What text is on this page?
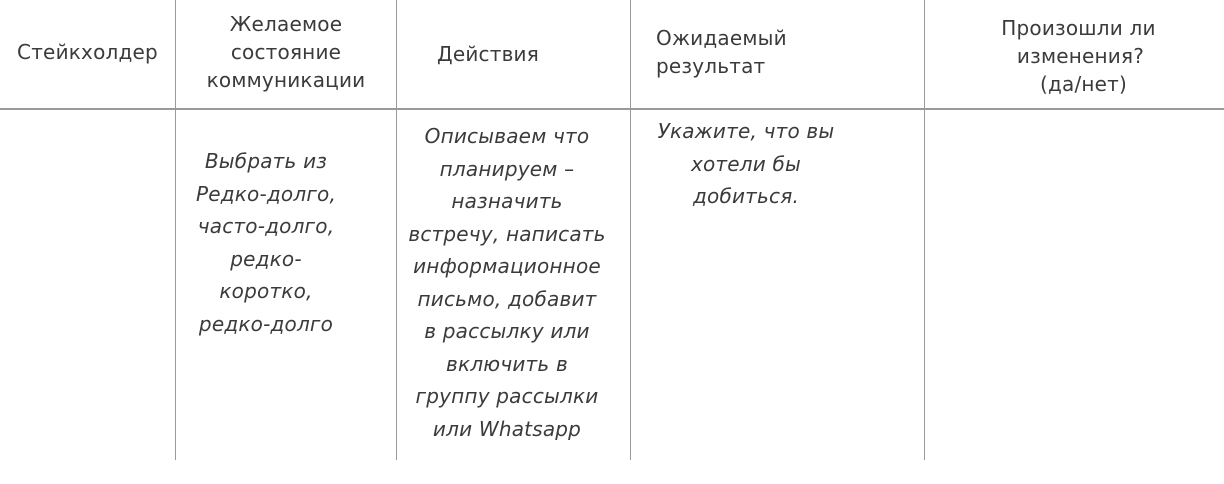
Стейкхолдер
Желаемое
состояние
коммуникации
Действия
Ожидаемый
результат
Произошли ли
изменения?
(да/нет)
Выбрать из
Редко-долго,
часто-долго,
редко-
коротко,
редко-долго
Описываем что
планируем –
назначить
встречу, написать
информационное
письмо, добавит
в рассылку или
включить в
группу рассылки
или Whatsapp
Укажите, что вы
хотели бы
добиться.
